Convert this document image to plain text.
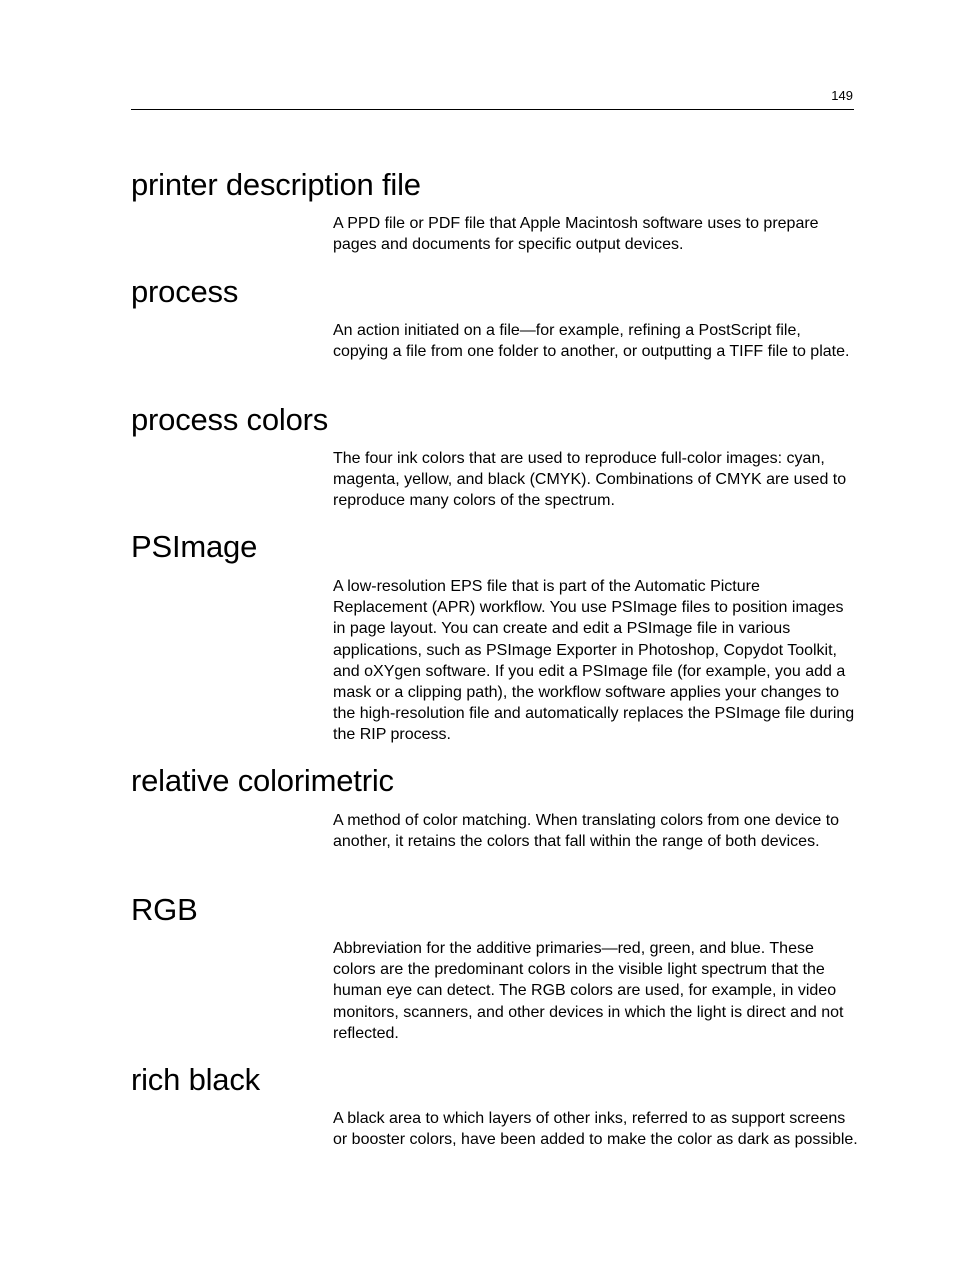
149
printer description file

A PPD file or PDF file that Apple Macintosh software uses to prepare pages and documents for specific output devices.

process

An action initiated on a file—for example, refining a PostScript file, copying a file from one folder to another, or outputting a TIFF file to plate.

process colors

The four ink colors that are used to reproduce full-color images: cyan, magenta, yellow, and black (CMYK). Combinations of CMYK are used to reproduce many colors of the spectrum.

PSImage

A low-resolution EPS file that is part of the Automatic Picture Replacement (APR) workflow. You use PSImage files to position images in page layout. You can create and edit a PSImage file in various applications, such as PSImage Exporter in Photoshop, Copydot Toolkit, and oXYgen software. If you edit a PSImage file (for example, you add a mask or a clipping path), the workflow software applies your changes to the high-resolution file and automatically replaces the PSImage file during the RIP process.

relative colorimetric

A method of color matching. When translating colors from one device to another, it retains the colors that fall within the range of both devices.

RGB

Abbreviation for the additive primaries—red, green, and blue. These colors are the predominant colors in the visible light spectrum that the human eye can detect. The RGB colors are used, for example, in video monitors, scanners, and other devices in which the light is direct and not reflected.

rich black

A black area to which layers of other inks, referred to as support screens or booster colors, have been added to make the color as dark as possible.
